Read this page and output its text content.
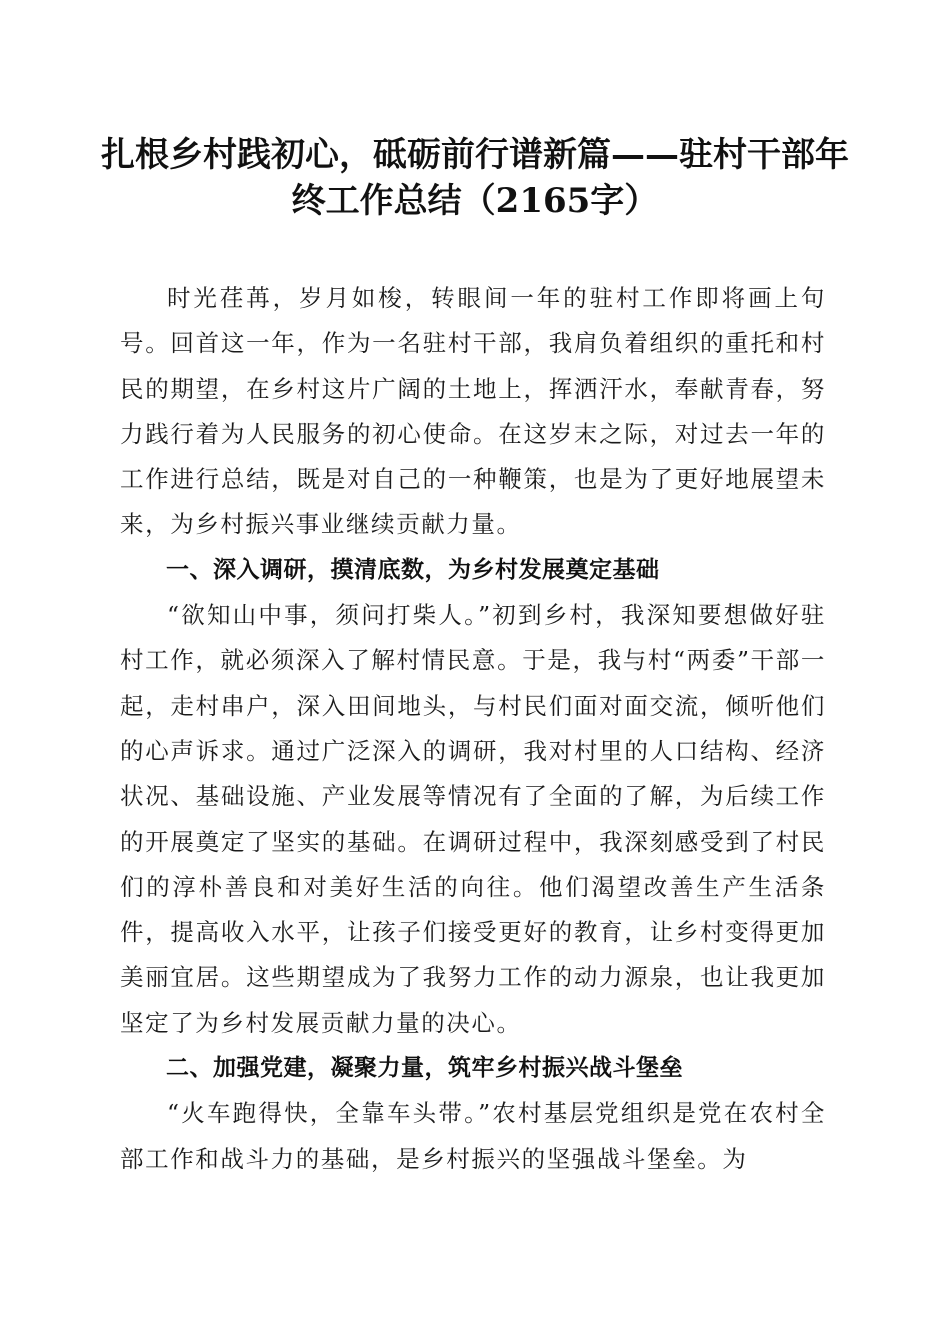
扎根乡村践初心，砥砺前行谱新篇——驻村干部年终工作总结（2165字）

时光荏苒，岁月如梭，转眼间一年的驻村工作即将画上句号。回首这一年，作为一名驻村干部，我肩负着组织的重托和村民的期望，在乡村这片广阔的土地上，挥洒汗水，奉献青春，努力践行着为人民服务的初心使命。在这岁末之际，对过去一年的工作进行总结，既是对自己的一种鞭策，也是为了更好地展望未来，为乡村振兴事业继续贡献力量。

一、深入调研，摸清底数，为乡村发展奠定基础

“欲知山中事，须问打柴人。”初到乡村，我深知要想做好驻村工作，就必须深入了解村情民意。于是，我与村“两委”干部一起，走村串户，深入田间地头，与村民们面对面交流，倾听他们的心声诉求。通过广泛深入的调研，我对村里的人口结构、经济状况、基础设施、产业发展等情况有了全面的了解，为后续工作的开展奠定了坚实的基础。在调研过程中，我深刻感受到了村民们的淳朴善良和对美好生活的向往。他们渴望改善生产生活条件，提高收入水平，让孩子们接受更好的教育，让乡村变得更加美丽宜居。这些期望成为了我努力工作的动力源泉，也让我更加坚定了为乡村发展贡献力量的决心。

二、加强党建，凝聚力量，筑牢乡村振兴战斗堡垒

“火车跑得快，全靠车头带。”农村基层党组织是党在农村全部工作和战斗力的基础，是乡村振兴的坚强战斗堡垒。为
